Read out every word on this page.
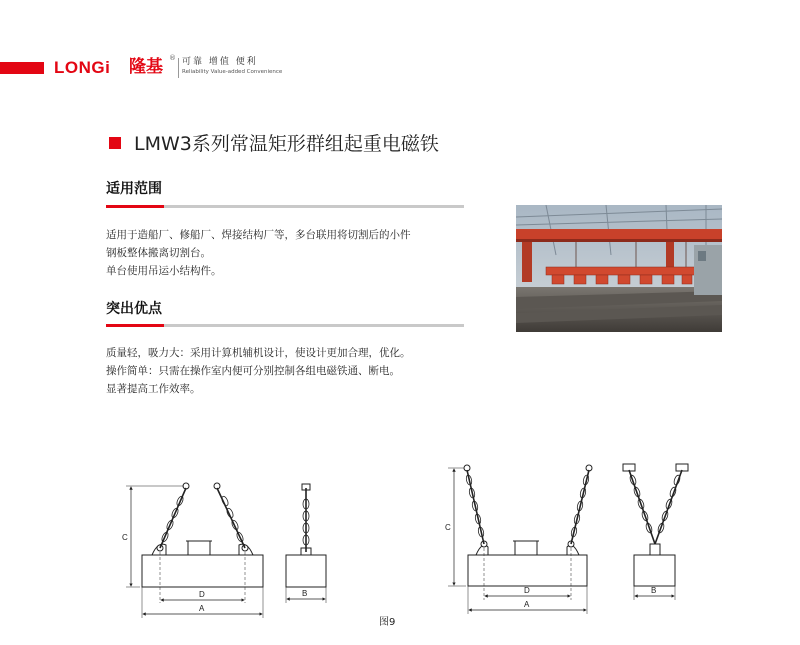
LONGi 隆基 ® 可靠 增值 便利
Reliability Value-added Convenience
LMW3系列常温矩形群组起重电磁铁
适用范围
适用于造船厂、修船厂、焊接结构厂等，多台联用将切割后的小件
钢板整体搬离切割台。
单台使用吊运小结构件。
突出优点
质量轻，吸力大：采用计算机辅机设计，使设计更加合理，优化。
操作简单：只需在操作室内便可分别控制各组电磁铁通、断电。
显著提高工作效率。
C
D
A
B
C
D
A
B
图9
